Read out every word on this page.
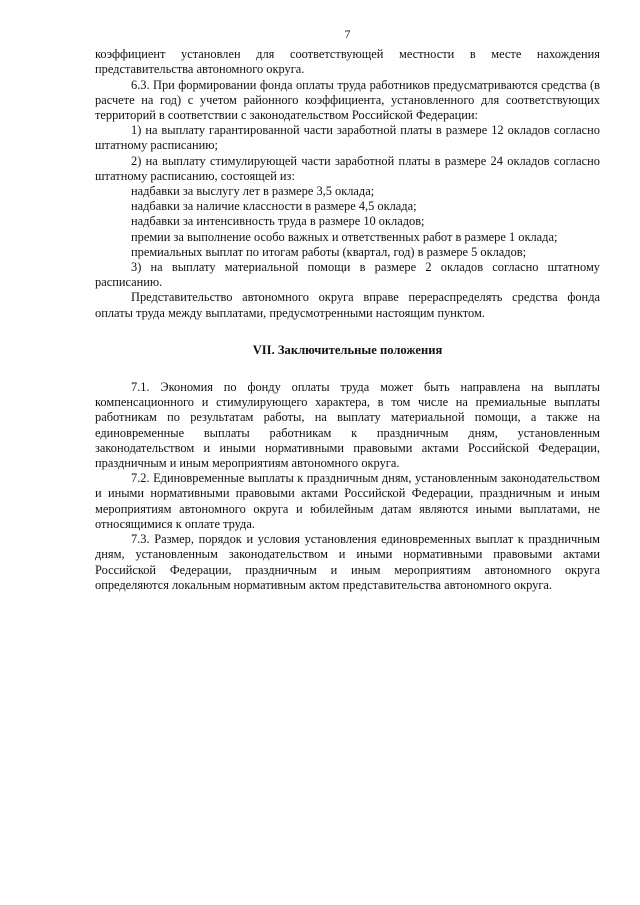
7

коэффициент установлен для соответствующей местности в месте нахождения представительства автономного округа.

6.3. При формировании фонда оплаты труда работников предусматриваются средства (в расчете на год) с учетом районного коэффициента, установленного для соответствующих территорий в соответствии с законодательством Российской Федерации:

1) на выплату гарантированной части заработной платы в размере 12 окладов согласно штатному расписанию;

2) на выплату стимулирующей части заработной платы в размере 24 окладов согласно штатному расписанию, состоящей из:

надбавки за выслугу лет в размере 3,5 оклада;

надбавки за наличие классности в размере 4,5 оклада;

надбавки за интенсивность труда в размере 10 окладов;

премии за выполнение особо важных и ответственных работ в размере 1 оклада;

премиальных выплат по итогам работы (квартал, год) в размере 5 окладов;

3) на выплату материальной помощи в размере 2 окладов согласно штатному расписанию.

Представительство автономного округа вправе перераспределять средства фонда оплаты труда между выплатами, предусмотренными настоящим пунктом.

VII. Заключительные положения

7.1. Экономия по фонду оплаты труда может быть направлена на выплаты компенсационного и стимулирующего характера, в том числе на премиальные выплаты работникам по результатам работы, на выплату материальной помощи, а также на единовременные выплаты работникам к праздничным дням, установленным законодательством и иными нормативными правовыми актами Российской Федерации, праздничным и иным мероприятиям автономного округа.

7.2. Единовременные выплаты к праздничным дням, установленным законодательством и иными нормативными правовыми актами Российской Федерации, праздничным и иным мероприятиям автономного округа и юбилейным датам являются иными выплатами, не относящимися к оплате труда.

7.3. Размер, порядок и условия установления единовременных выплат к праздничным дням, установленным законодательством и иными нормативными правовыми актами Российской Федерации, праздничным и иным мероприятиям автономного округа определяются локальным нормативным актом представительства автономного округа.
